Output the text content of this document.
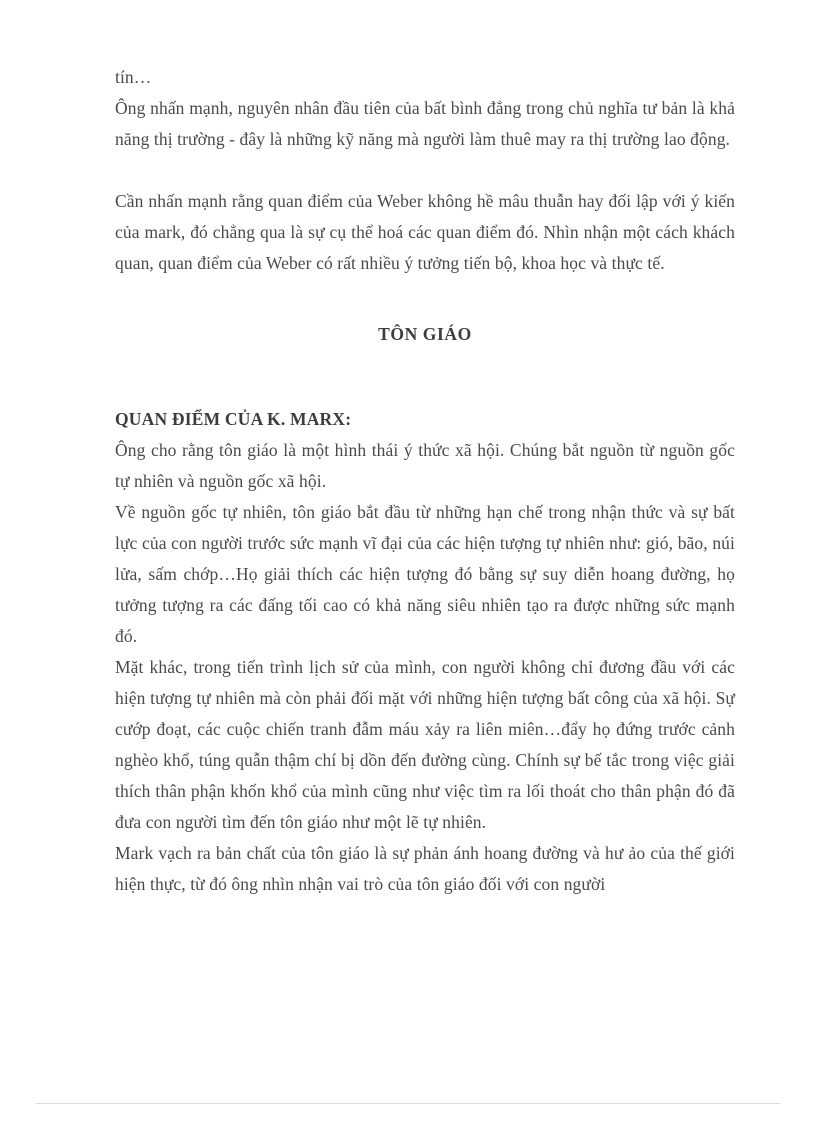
tín…

Ông nhấn mạnh, nguyên nhân đầu tiên của bất bình đẳng trong chủ nghĩa tư bản là khả năng thị trường - đây là những kỹ năng mà người làm thuê may ra thị trường lao động.

Cần nhấn mạnh rằng quan điểm của Weber không hề mâu thuẫn hay đối lập với ý kiến của mark, đó chẳng qua là sự cụ thể hoá các quan điểm đó. Nhìn nhận một cách khách quan, quan điểm của Weber có rất nhiều ý tưởng tiến bộ, khoa học và thực tế.

TÔN GIÁO
QUAN ĐIỂM CỦA K. MARX:

Ông cho rằng tôn giáo là một hình thái ý thức xã hội. Chúng bắt nguồn từ nguồn gốc tự nhiên và nguồn gốc xã hội.

Về nguồn gốc tự nhiên, tôn giáo bắt đầu từ những hạn chế trong nhận thức và sự bất lực của con người trước sức mạnh vĩ đại của các hiện tượng tự nhiên như: gió, bão, núi lửa, sấm chớp…Họ giải thích các hiện tượng đó bằng sự suy diễn hoang đường, họ tưởng tượng ra các đấng tối cao có khả năng siêu nhiên tạo ra được những sức mạnh đó.

Mặt khác, trong tiến trình lịch sử của mình, con người không chỉ đương đầu với các hiện tượng tự nhiên mà còn phải đối mặt với những hiện tượng bất công của xã hội. Sự cướp đoạt, các cuộc chiến tranh đẫm máu xảy ra liên miên…đẩy họ đứng trước cảnh nghèo khổ, túng quẫn thậm chí bị dồn đến đường cùng. Chính sự bế tắc trong việc giải thích thân phận khốn khổ của mình cũng như việc tìm ra lối thoát cho thân phận đó đã đưa con người tìm đến tôn giáo như một lẽ tự nhiên.

Mark vạch ra bản chất của tôn giáo là sự phản ánh hoang đường và hư ảo của thế giới hiện thực, từ đó ông nhìn nhận vai trò của tôn giáo đối với con người
